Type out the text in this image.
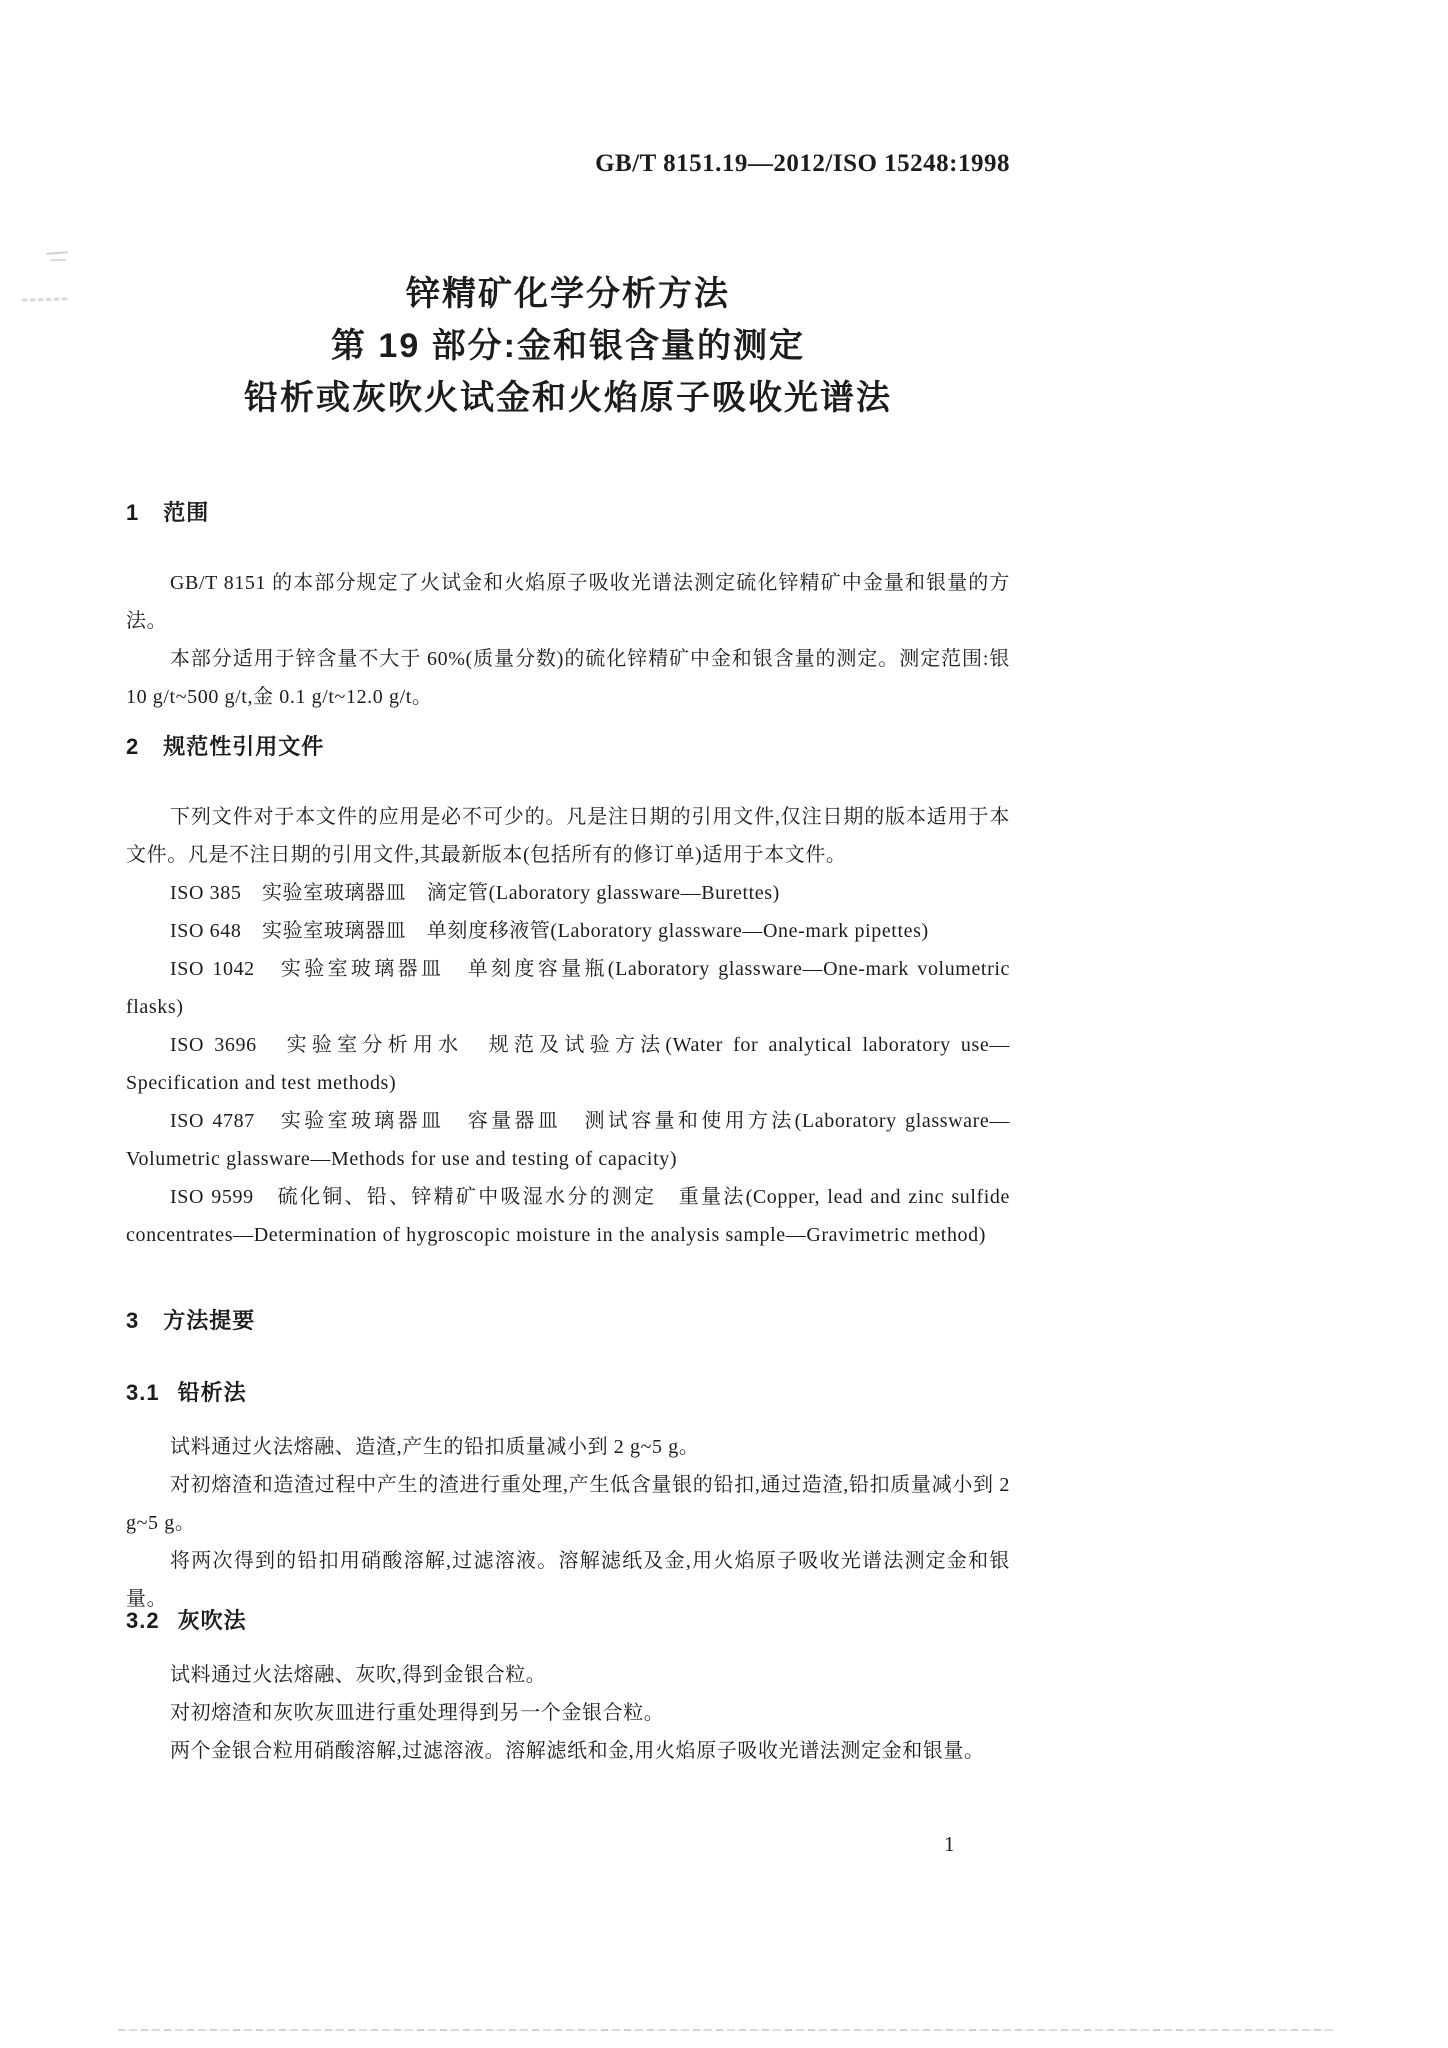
GB/T 8151.19—2012/ISO 15248:1998

锌精矿化学分析方法

第 19 部分:金和银含量的测定

铅析或灰吹火试金和火焰原子吸收光谱法

1 范围

GB/T 8151 的本部分规定了火试金和火焰原子吸收光谱法测定硫化锌精矿中金量和银量的方法。

本部分适用于锌含量不大于 60%(质量分数)的硫化锌精矿中金和银含量的测定。测定范围:银 10 g/t~500 g/t,金 0.1 g/t~12.0 g/t。

2 规范性引用文件

下列文件对于本文件的应用是必不可少的。凡是注日期的引用文件,仅注日期的版本适用于本文件。凡是不注日期的引用文件,其最新版本(包括所有的修订单)适用于本文件。

ISO 385　实验室玻璃器皿　滴定管(Laboratory glassware—Burettes)

ISO 648　实验室玻璃器皿　单刻度移液管(Laboratory glassware—One-mark pipettes)

ISO 1042　实验室玻璃器皿　单刻度容量瓶(Laboratory glassware—One-mark volumetric flasks)

ISO 3696　实验室分析用水　规范及试验方法(Water for analytical laboratory use—Specification and test methods)

ISO 4787　实验室玻璃器皿　容量器皿　测试容量和使用方法(Laboratory glassware—Volumetric glassware—Methods for use and testing of capacity)

ISO 9599　硫化铜、铅、锌精矿中吸湿水分的测定　重量法(Copper, lead and zinc sulfide concentrates—Determination of hygroscopic moisture in the analysis sample—Gravimetric method)

3 方法提要

3.1 铅析法

试料通过火法熔融、造渣,产生的铅扣质量减小到 2 g~5 g。

对初熔渣和造渣过程中产生的渣进行重处理,产生低含量银的铅扣,通过造渣,铅扣质量减小到 2 g~5 g。

将两次得到的铅扣用硝酸溶解,过滤溶液。溶解滤纸及金,用火焰原子吸收光谱法测定金和银量。

3.2 灰吹法

试料通过火法熔融、灰吹,得到金银合粒。

对初熔渣和灰吹灰皿进行重处理得到另一个金银合粒。

两个金银合粒用硝酸溶解,过滤溶液。溶解滤纸和金,用火焰原子吸收光谱法测定金和银量。

1
